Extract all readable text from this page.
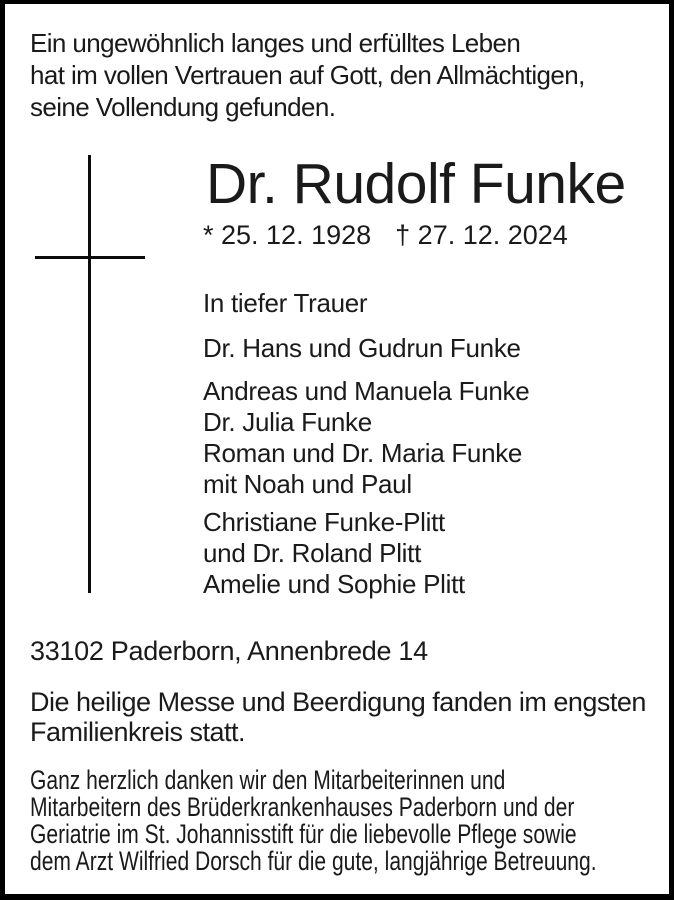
Ein ungewöhnlich langes und erfülltes Leben
hat im vollen Vertrauen auf Gott, den Allmächtigen,
seine Vollendung gefunden.
Dr. Rudolf Funke
* 25. 12. 1928 † 27. 12. 2024
In tiefer Trauer
Dr. Hans und Gudrun Funke
Andreas und Manuela Funke
Dr. Julia Funke
Roman und Dr. Maria Funke
mit Noah und Paul
Christiane Funke-Plitt
und Dr. Roland Plitt
Amelie und Sophie Plitt
33102 Paderborn, Annenbrede 14
Die heilige Messe und Beerdigung fanden im engsten
Familienkreis statt.
Ganz herzlich danken wir den Mitarbeiterinnen und
Mitarbeitern des Brüderkrankenhauses Paderborn und der
Geriatrie im St. Johannisstift für die liebevolle Pflege sowie
dem Arzt Wilfried Dorsch für die gute, langjährige Betreuung.
